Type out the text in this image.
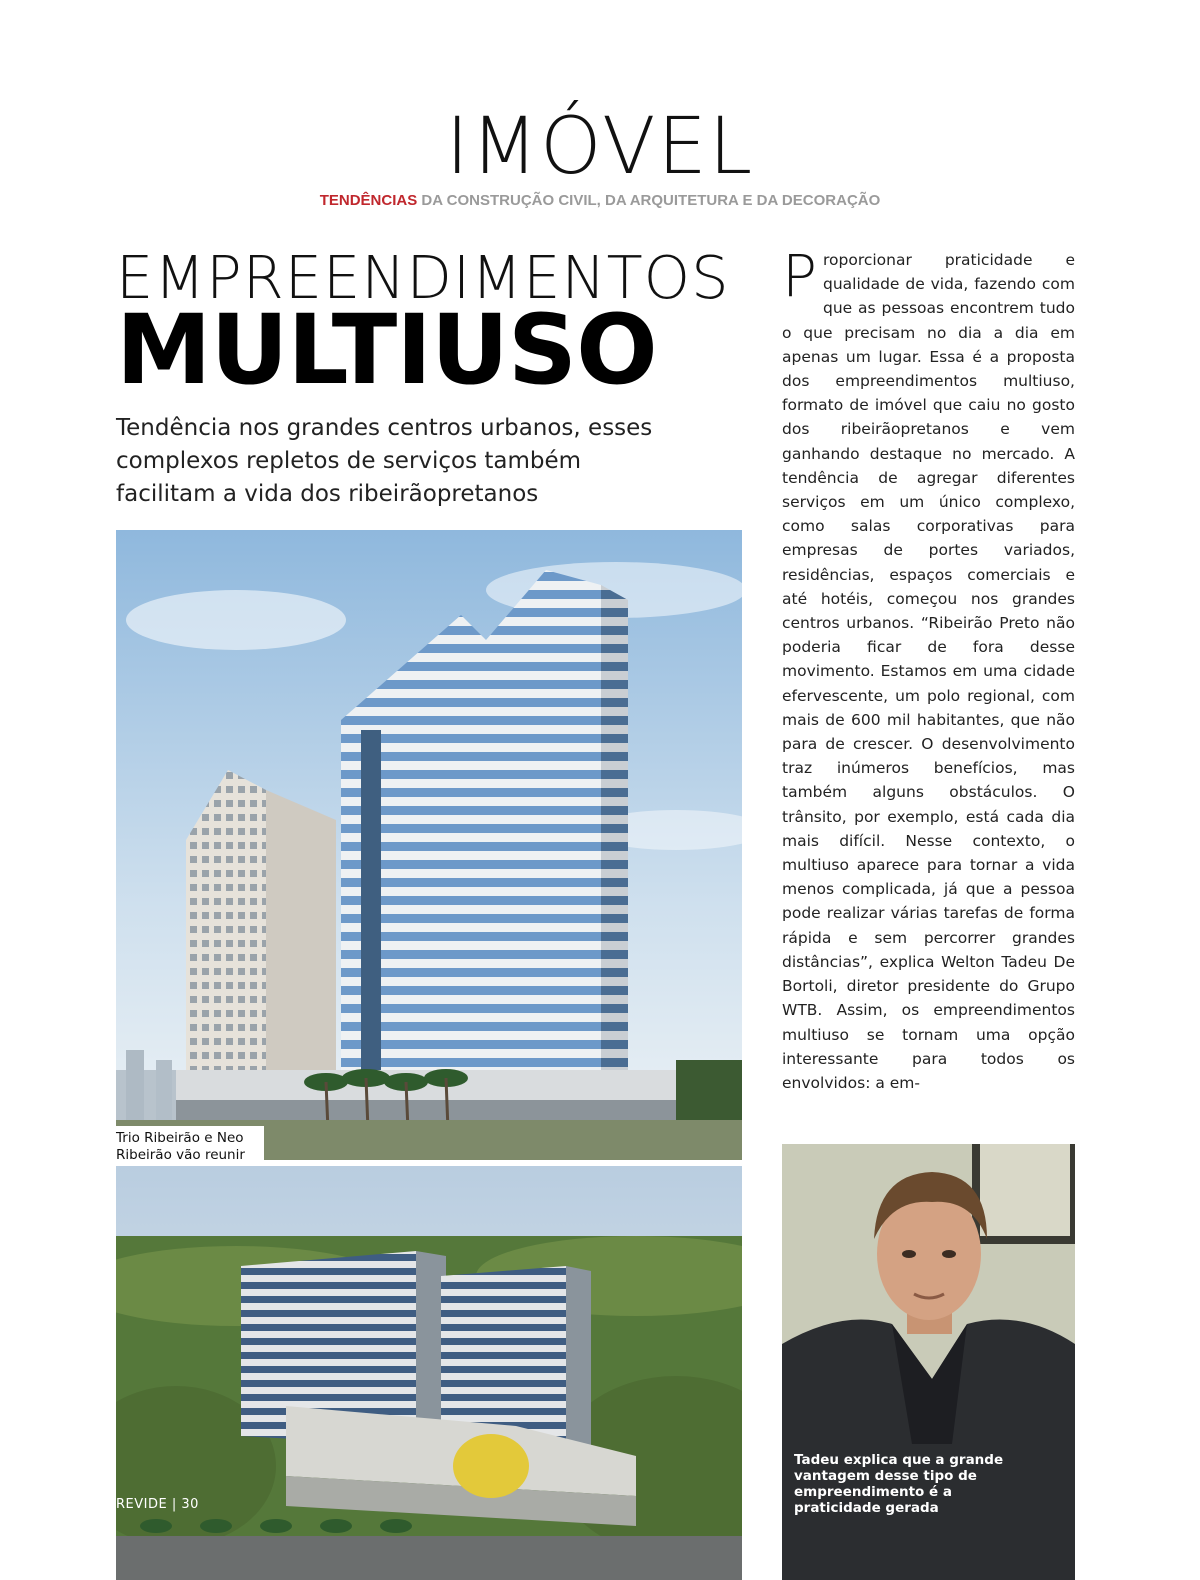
IMÓVEL
TENDÊNCIAS DA CONSTRUÇÃO CIVIL, DA ARQUITETURA E DA DECORAÇÃO
EMPREENDIMENTOS
MULTIUSO

Tendência nos grandes centros urbanos, esses complexos repletos de serviços também facilitam a vida dos ribeirãopretanos

Proporcionar praticidade e qualidade de vida, fazendo com que as pessoas encontrem tudo o que precisam no dia a dia em apenas um lugar. Essa é a proposta dos empreendimentos multiuso, formato de imóvel que caiu no gosto dos ribeirãopretanos e vem ganhando destaque no mercado. A tendência de agregar diferentes serviços em um único complexo, como salas corporativas para empresas de portes variados, residências, espaços comerciais e até hotéis, começou nos grandes centros urbanos. “Ribeirão Preto não poderia ficar de fora desse movimento. Estamos em uma cidade efervescente, um polo regional, com mais de 600 mil habitantes, que não para de crescer. O desenvolvimento traz inúmeros benefícios, mas também alguns obstáculos. O trânsito, por exemplo, está cada dia mais difícil. Nesse contexto, o multiuso aparece para tornar a vida menos complicada, já que a pessoa pode realizar várias tarefas de forma rápida e sem percorrer grandes distâncias”, explica Welton Tadeu De Bortoli, diretor presidente do Grupo WTB. Assim, os empreendimentos multiuso se tornam uma opção interessante para todos os envolvidos: a em-
Trio Ribeirão e Neo Ribeirão vão reunir
Tadeu explica que a grande vantagem desse tipo de empreendimento é a praticidade gerada
REVIDE | 30
